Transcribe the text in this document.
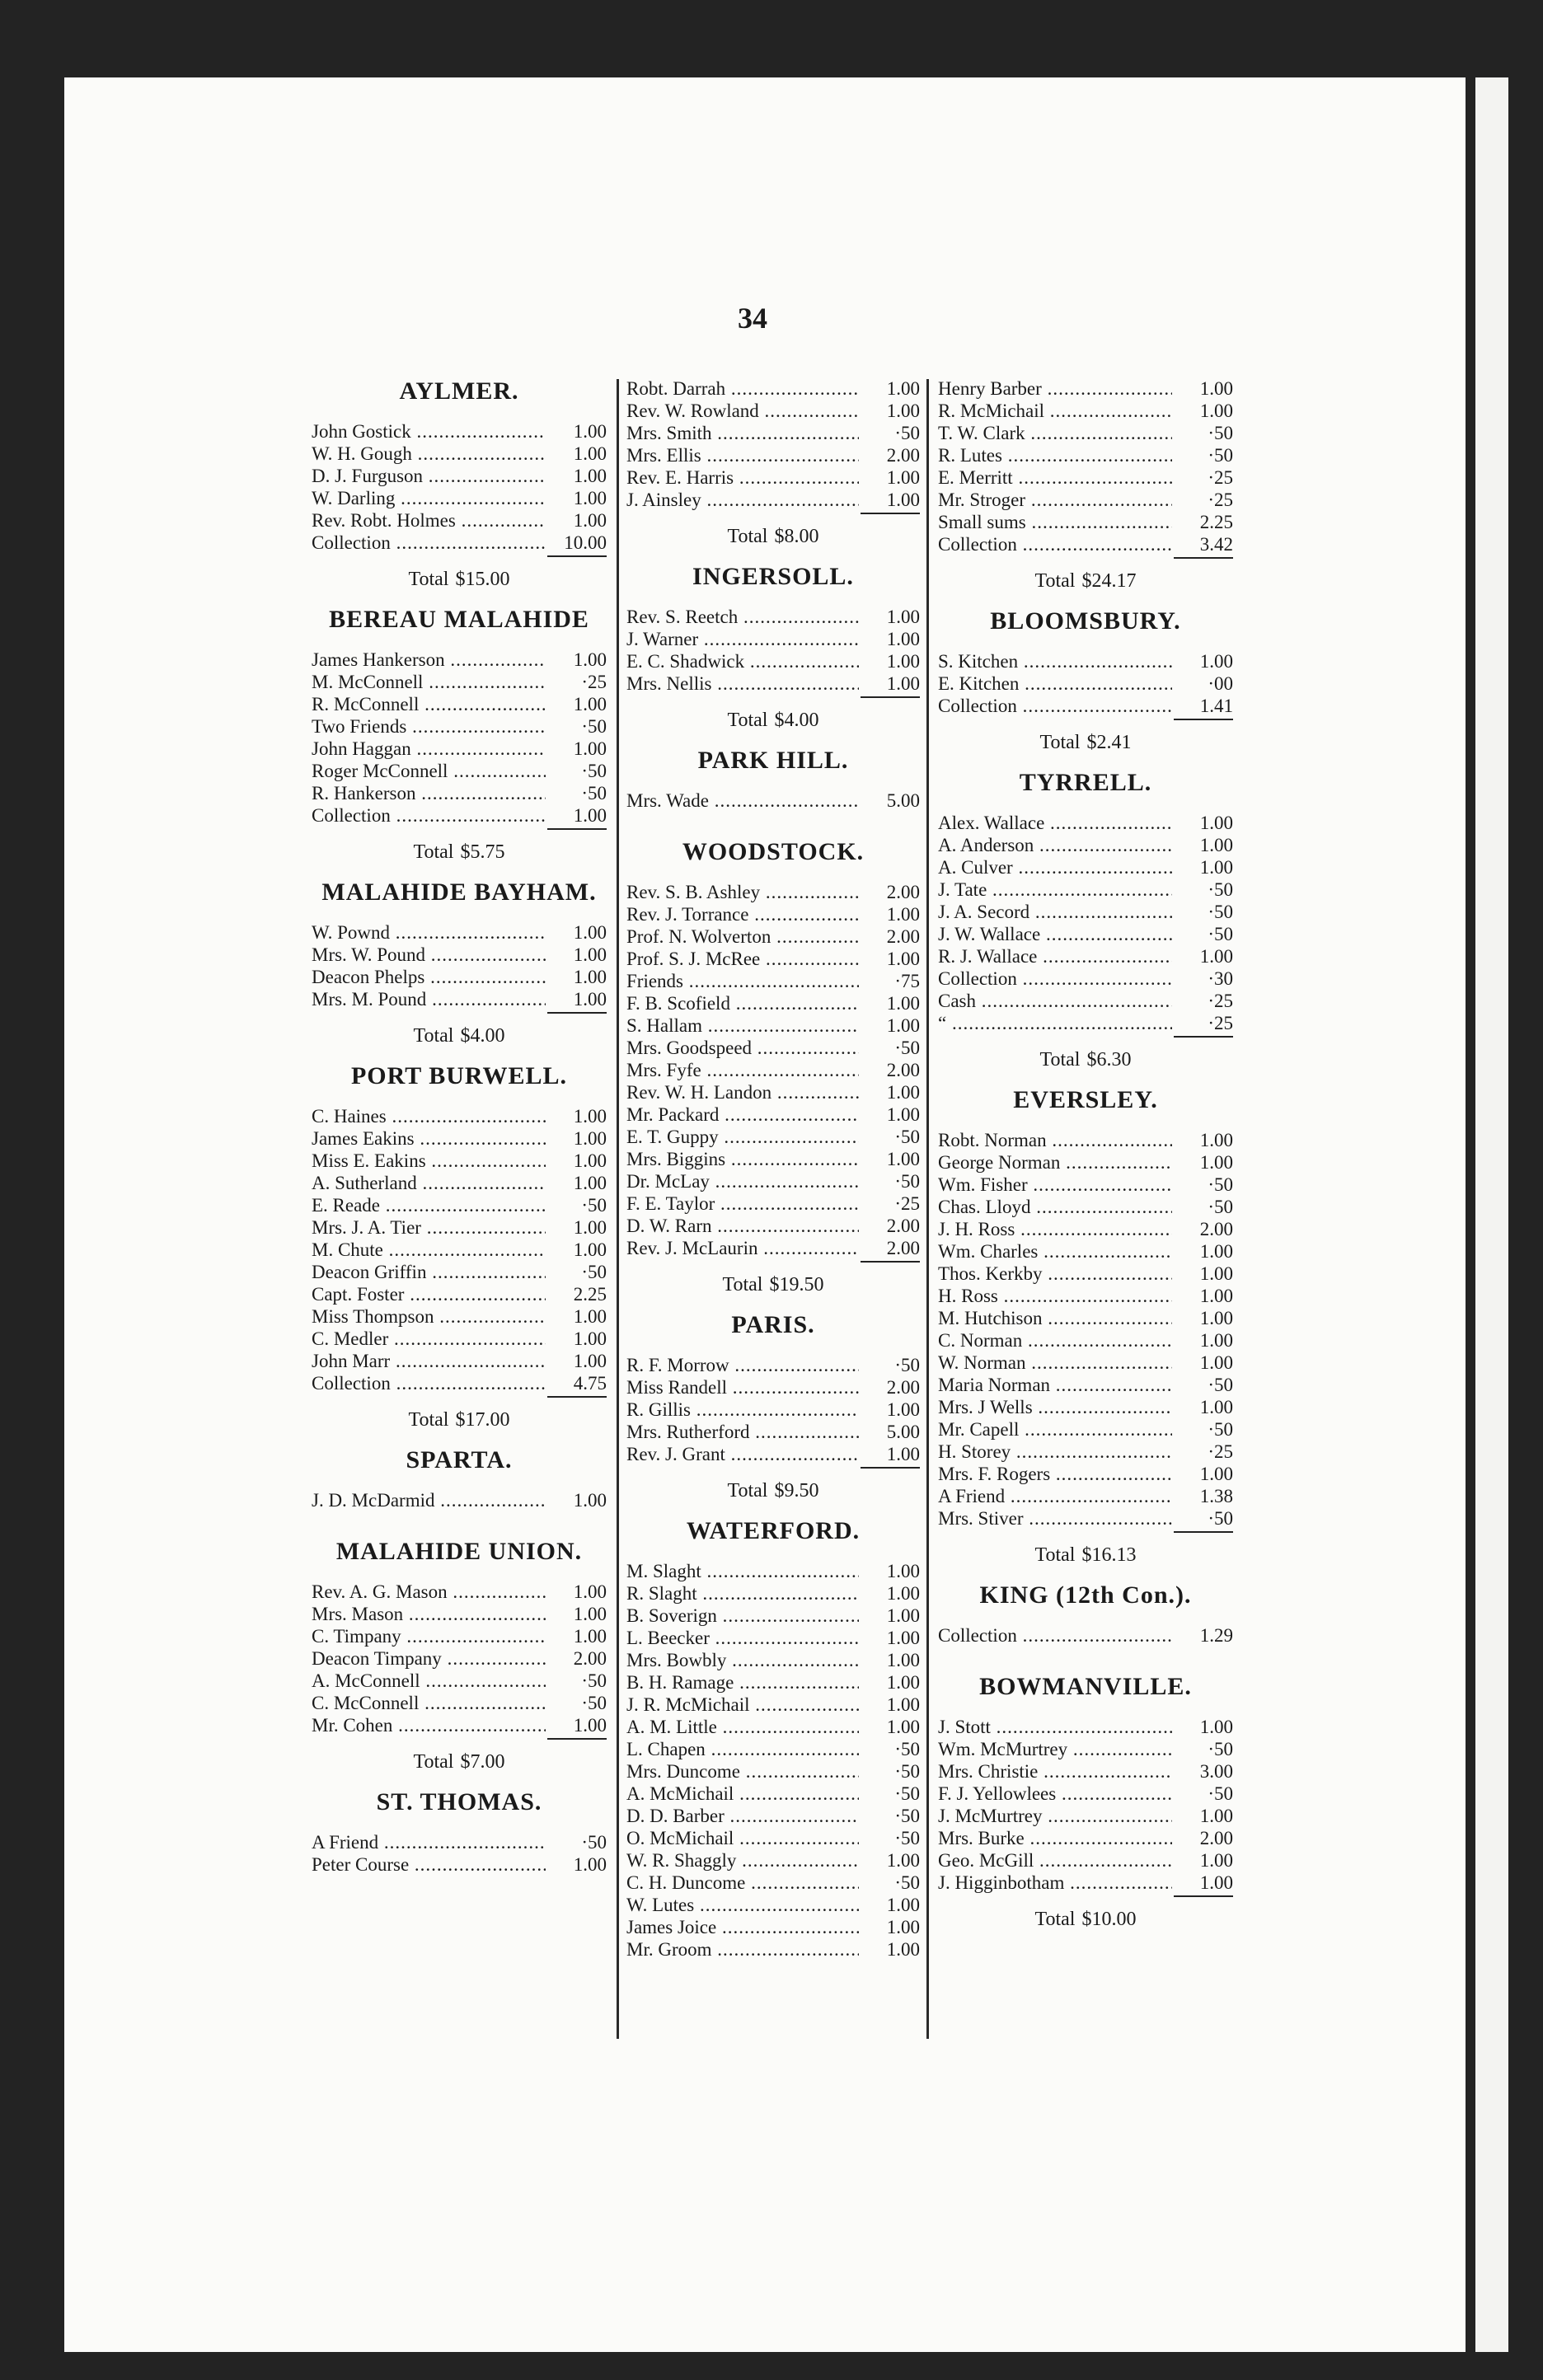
34
AYLMER.
John Gostick .....	1.00
W. H. Gough .....	1.00
D. J. Furguson .....	1.00
W. Darling .....	1.00
Rev. Robt. Holmes .....	1.00
Collection .....	10.00
Total $15.00
BEREAU MALAHIDE
James Hankerson .....	1.00
M. McConnell .....	·25
R. McConnell .....	1.00
Two Friends .....	·50
John Haggan .....	1.00
Roger McConnell .....	·50
R. Hankerson .....	·50
Collection .....	1.00
Total $5.75
MALAHIDE BAYHAM.
W. Pownd .....	1.00
Mrs. W. Pound .....	1.00
Deacon Phelps .....	1.00
Mrs. M. Pound .....	1.00
Total $4.00
PORT BURWELL.
C. Haines .....	1.00
James Eakins .....	1.00
Miss E. Eakins .....	1.00
A. Sutherland .....	1.00
E. Reade .....	·50
Mrs. J. A. Tier .....	1.00
M. Chute .....	1.00
Deacon Griffin .....	·50
Capt. Foster .....	2.25
Miss Thompson .....	1.00
C. Medler .....	1.00
John Marr .....	1.00
Collection .....	4.75
Total $17.00
SPARTA.
J. D. McDarmid .....	1.00
MALAHIDE UNION.
Rev. A. G. Mason .....	1.00
Mrs. Mason .....	1.00
C. Timpany .....	1.00
Deacon Timpany .....	2.00
A. McConnell .....	·50
C. McConnell .....	·50
Mr. Cohen .....	1.00
Total $7.00
ST. THOMAS.
A Friend .....	·50
Peter Course .....	1.00
Robt. Darrah .....	1.00
Rev. W. Rowland .....	1.00
Mrs. Smith .....	·50
Mrs. Ellis .....	2.00
Rev. E. Harris .....	1.00
J. Ainsley .....	1.00
Total $8.00
INGERSOLL.
Rev. S. Reetch .....	1.00
J. Warner .....	1.00
E. C. Shadwick .....	1.00
Mrs. Nellis .....	1.00
Total $4.00
PARK HILL.
Mrs. Wade .....	5.00
WOODSTOCK.
Rev. S. B. Ashley .....	2.00
Rev. J. Torrance .....	1.00
Prof. N. Wolverton .....	2.00
Prof. S. J. McRee .....	1.00
Friends .....	·75
F. B. Scofield .....	1.00
S. Hallam .....	1.00
Mrs. Goodspeed .....	·50
Mrs. Fyfe .....	2.00
Rev. W. H. Landon .....	1.00
Mr. Packard .....	1.00
E. T. Guppy .....	·50
Mrs. Biggins .....	1.00
Dr. McLay .....	·50
F. E. Taylor .....	·25
D. W. Rarn .....	2.00
Rev. J. McLaurin .....	2.00
Total $19.50
PARIS.
R. F. Morrow .....	·50
Miss Randell .....	2.00
R. Gillis .....	1.00
Mrs. Rutherford .....	5.00
Rev. J. Grant .....	1.00
Total $9.50
WATERFORD.
M. Slaght .....	1.00
R. Slaght .....	1.00
B. Soverign .....	1.00
L. Beecker .....	1.00
Mrs. Bowbly .....	1.00
B. H. Ramage .....	1.00
J. R. McMichail .....	1.00
A. M. Little .....	1.00
L. Chapen .....	·50
Mrs. Duncome .....	·50
A. McMichail .....	·50
D. D. Barber .....	·50
O. McMichail .....	·50
W. R. Shaggly .....	1.00
C. H. Duncome .....	·50
W. Lutes .....	1.00
James Joice .....	1.00
Mr. Groom .....	1.00
Henry Barber .....	1.00
R. McMichail .....	1.00
T. W. Clark .....	·50
R. Lutes .....	·50
E. Merritt .....	·25
Mr. Stroger .....	·25
Small sums .....	2.25
Collection .....	3.42
Total $24.17
BLOOMSBURY.
S. Kitchen .....	1.00
E. Kitchen .....	·00
Collection .....	1.41
Total $2.41
TYRRELL.
Alex. Wallace .....	1.00
A. Anderson .....	1.00
A. Culver .....	1.00
J. Tate .....	·50
J. A. Secord .....	·50
J. W. Wallace .....	·50
R. J. Wallace .....	1.00
Collection .....	·30
Cash .....	·25
“ .....	·25
Total $6.30
EVERSLEY.
Robt. Norman .....	1.00
George Norman .....	1.00
Wm. Fisher .....	·50
Chas. Lloyd .....	·50
J. H. Ross .....	2.00
Wm. Charles .....	1.00
Thos. Kerkby .....	1.00
H. Ross .....	1.00
M. Hutchison .....	1.00
C. Norman .....	1.00
W. Norman .....	1.00
Maria Norman .....	·50
Mrs. J Wells .....	1.00
Mr. Capell .....	·50
H. Storey .....	·25
Mrs. F. Rogers .....	1.00
A Friend .....	1.38
Mrs. Stiver .....	·50
Total $16.13
KING (12th Con.).
Collection .....	1.29
BOWMANVILLE.
J. Stott .....	1.00
Wm. McMurtrey .....	·50
Mrs. Christie .....	3.00
F. J. Yellowlees .....	·50
J. McMurtrey .....	1.00
Mrs. Burke .....	2.00
Geo. McGill .....	1.00
J. Higginbotham .....	1.00
Total $10.00
